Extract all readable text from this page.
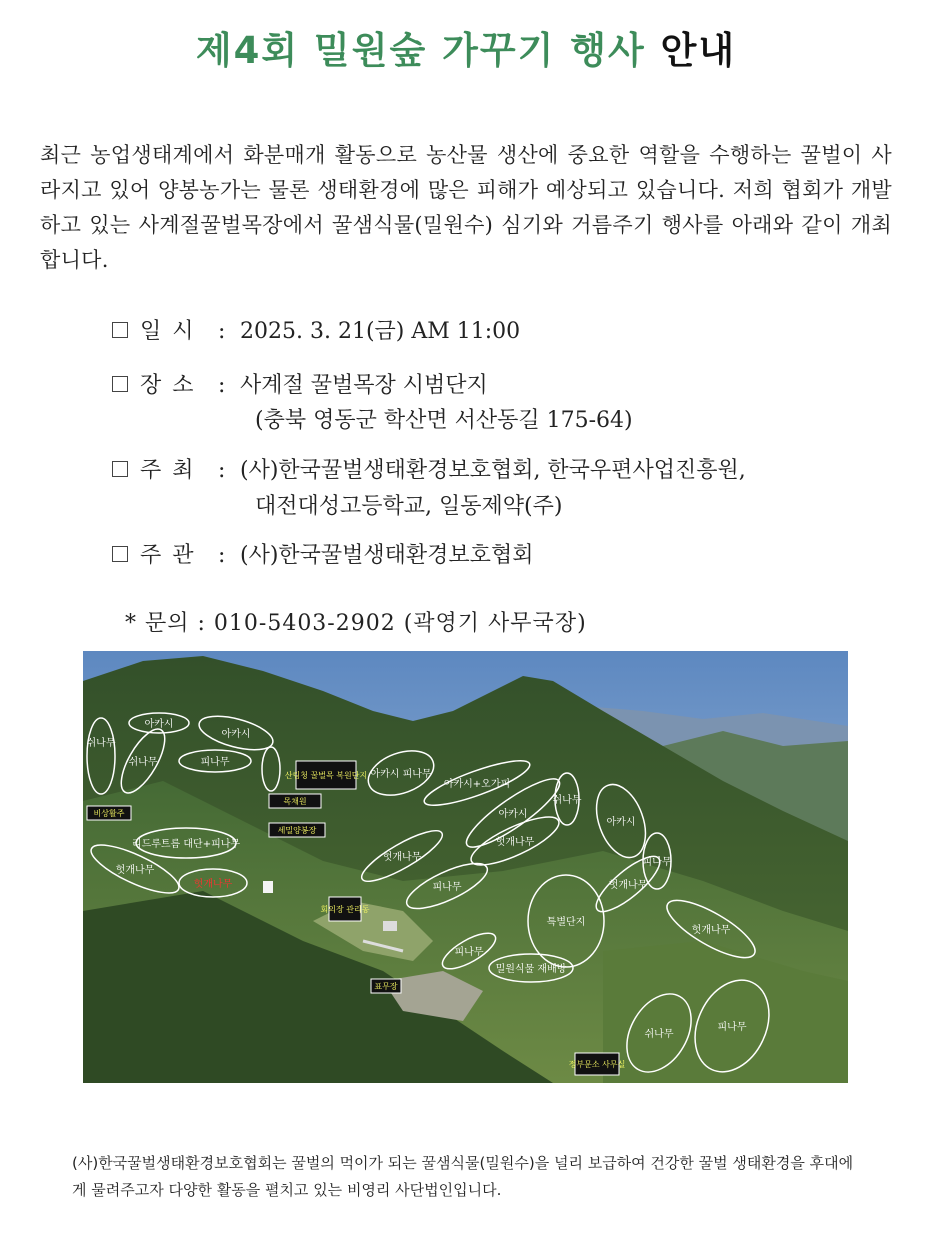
제4회 밀원숲 가꾸기 행사 안내
최근 농업생태계에서 화분매개 활동으로 농산물 생산에 중요한 역할을 수행하는 꿀벌이 사라지고 있어 양봉농가는 물론 생태환경에 많은 피해가 예상되고 있습니다. 저희 협회가 개발하고 있는 사계절꿀벌목장에서 꿀샘식물(밀원수) 심기와 거름주기 행사를 아래와 같이 개최 합니다.
일 시 : 2025. 3. 21(금) AM 11:00
장 소 : 사계절 꿀벌목장 시범단지
(충북 영동군 학산면 서산동길 175-64)
주 최 : (사)한국꿀벌생태환경보호협회, 한국우편사업진흥원,
대전대성고등학교, 일동제약(주)
주 관 : (사)한국꿀벌생태환경보호협회
* 문의 : 010-5403-2902 (곽영기 사무국장)
쉬나무
아카시
아카시
쉬나무	피나무
아카시 피나무
아카시+오가피
아카시
쉬나무
아카시
피나무
리드루트름 대단+피나무
헛개나무
헛개나무
헛개나무
헛개나무
피나무
특별단지
헛개나무
헛개나무
피나무
밀원식물 재배방
쉬나무
피나무
산림청 꿀벌목 복원단지
목채원
비상활주
세밀양봉장
회의장 관리동
표무장
정부문소 사무실
(사)한국꿀벌생태환경보호협회는 꿀벌의 먹이가 되는 꿀샘식물(밀원수)을 널리 보급하여 건강한 꿀벌 생태환경을 후대에게 물려주고자 다양한 활동을 펼치고 있는 비영리 사단법인입니다.
